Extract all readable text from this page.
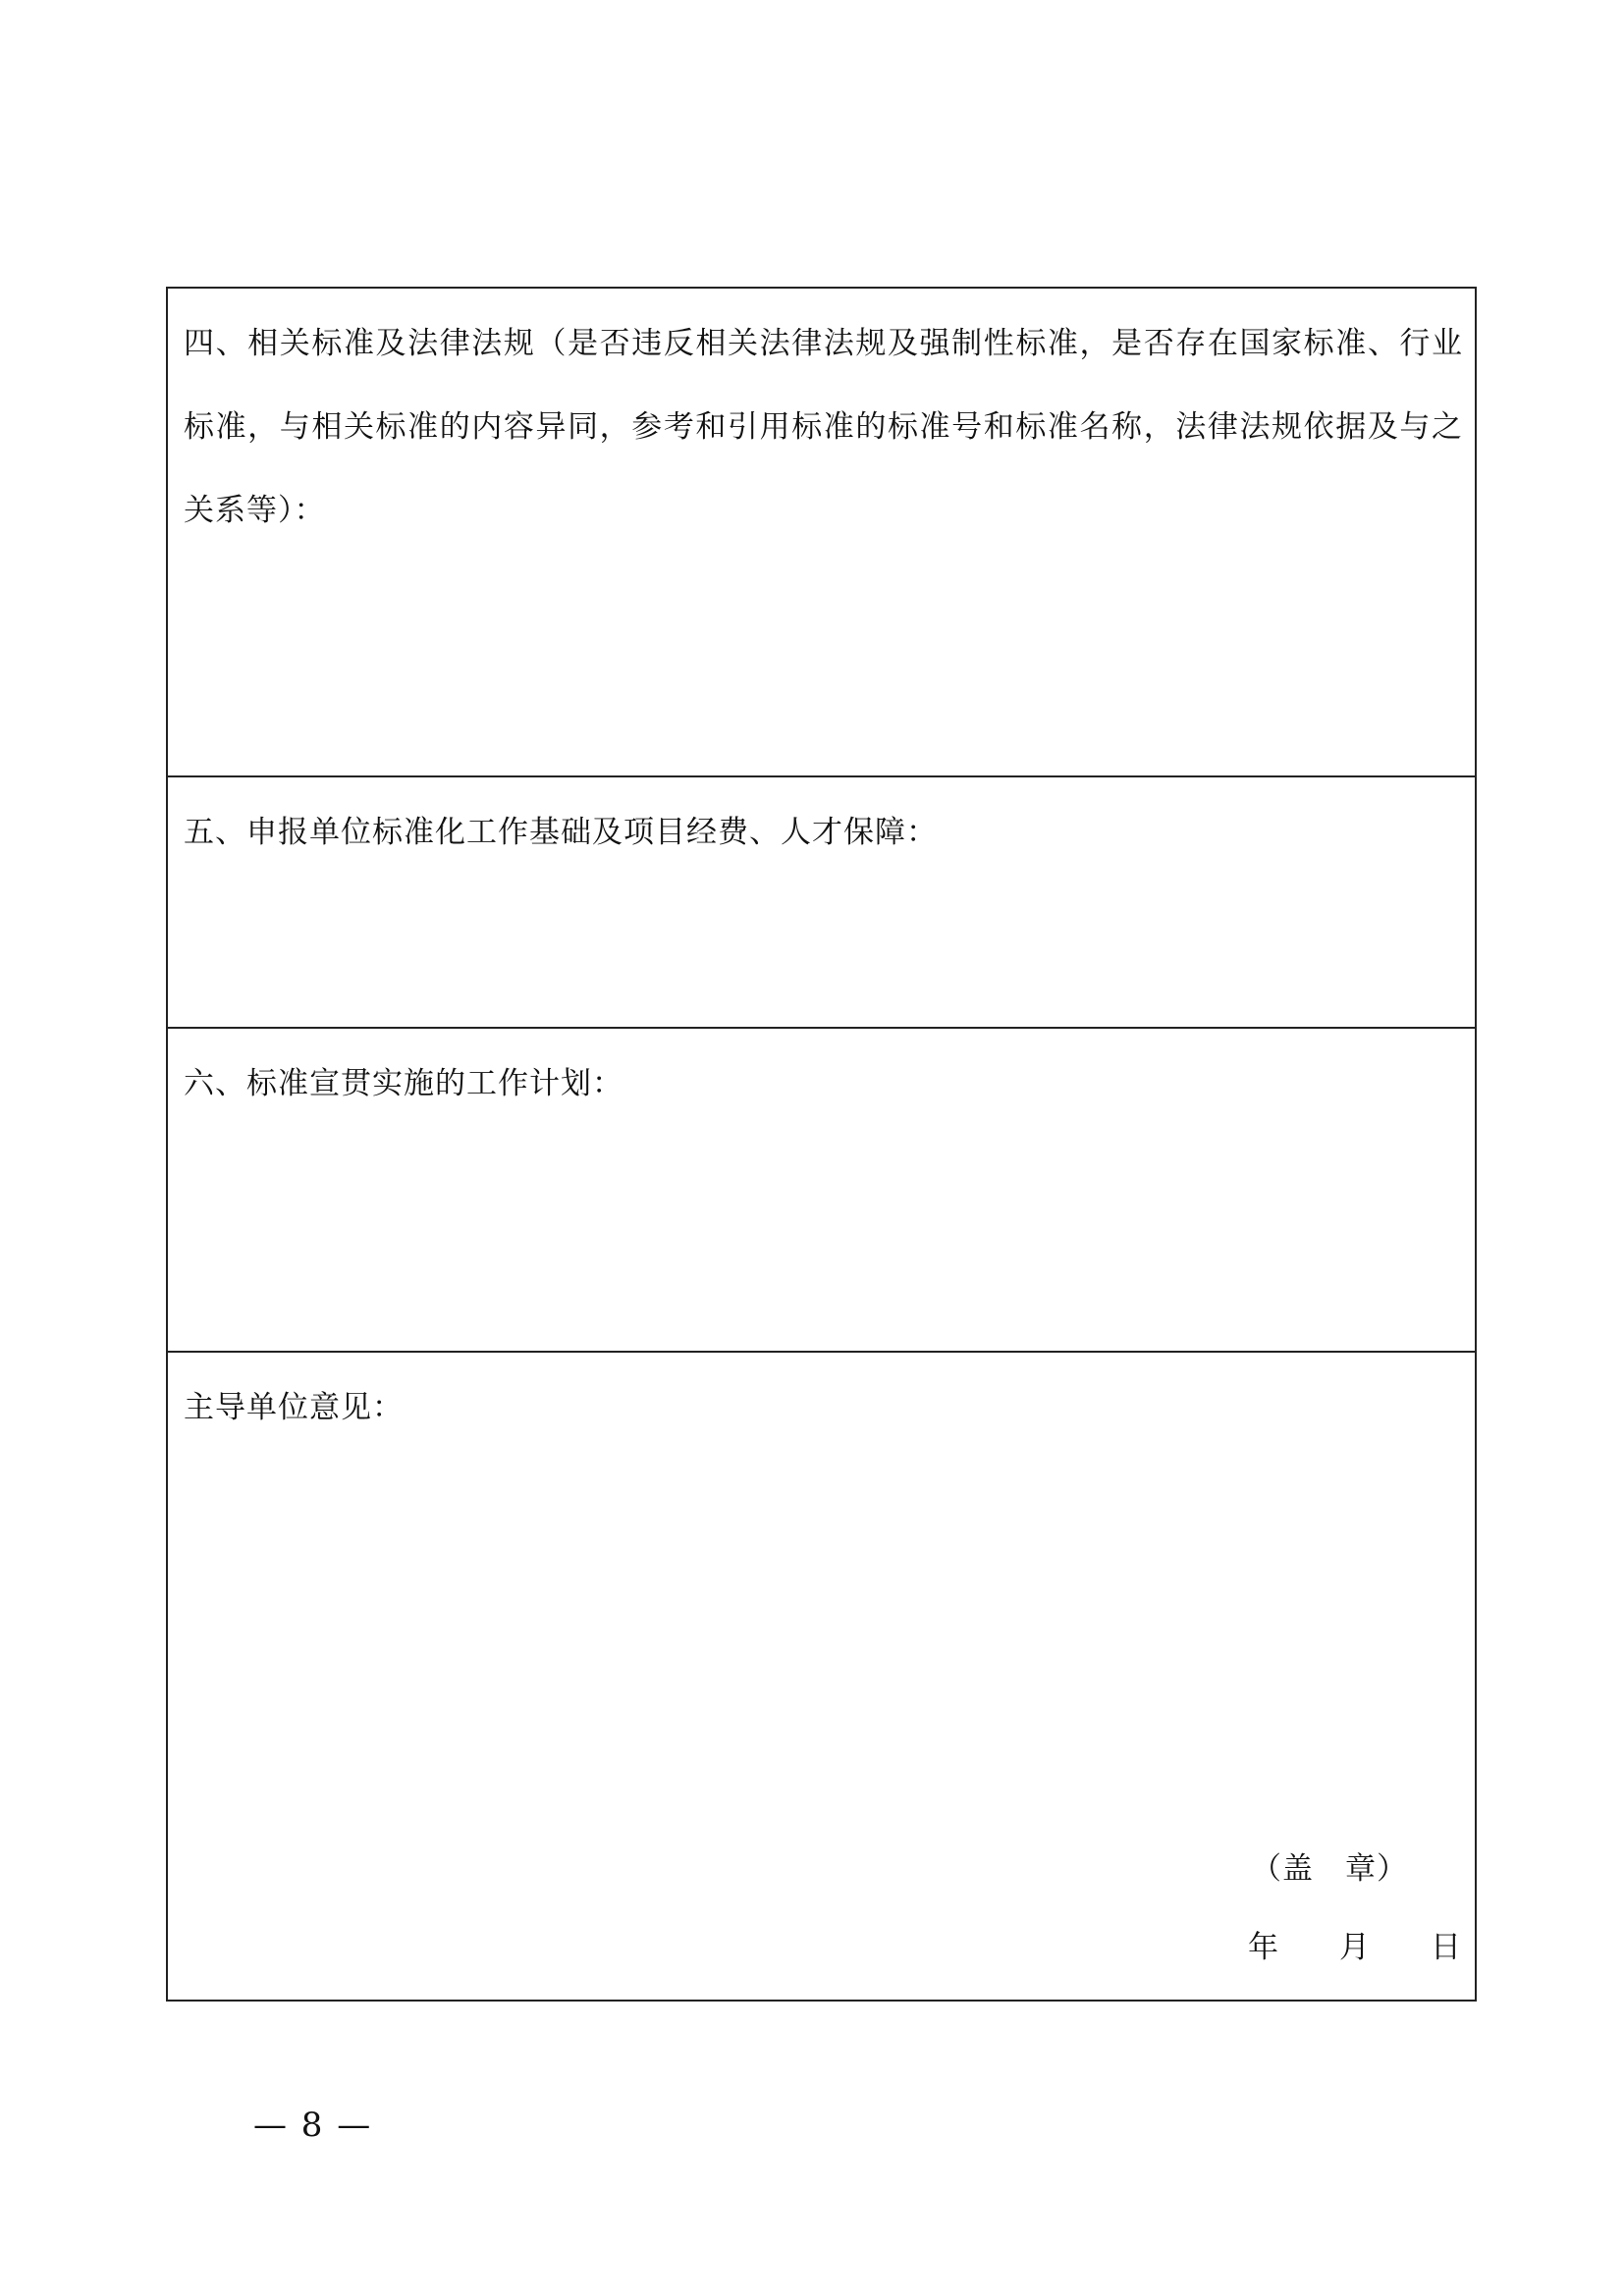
四、相关标准及法律法规（是否违反相关法律法规及强制性标准，是否存在国家标准、行业标准，与相关标准的内容异同，参考和引用标准的标准号和标准名称，法律法规依据及与之关系等）：

五、申报单位标准化工作基础及项目经费、人才保障：

六、标准宣贯实施的工作计划：

主导单位意见：

（盖　章）
年　　月　　日
— 8 —
